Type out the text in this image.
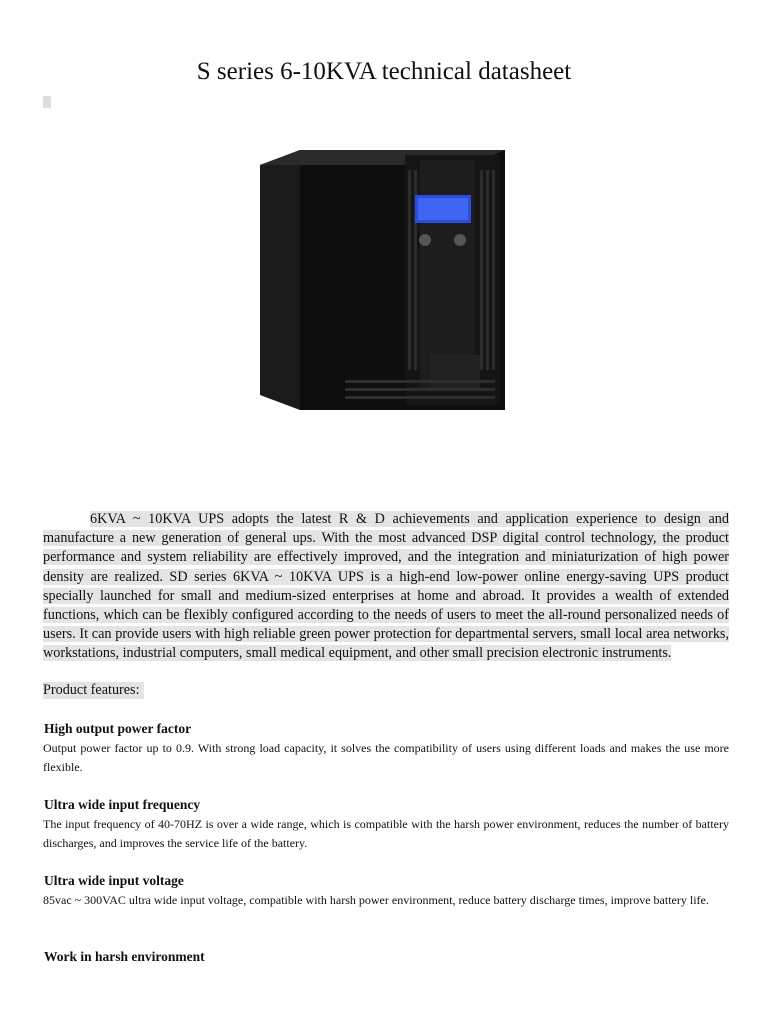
S series 6-10KVA technical datasheet
6KVA ~ 10KVA UPS adopts the latest R & D achievements and application experience to design and manufacture a new generation of general ups. With the most advanced DSP digital control technology, the product performance and system reliability are effectively improved, and the integration and miniaturization of high power density are realized. SD series 6KVA ~ 10KVA UPS is a high-end low-power online energy-saving UPS product specially launched for small and medium-sized enterprises at home and abroad. It provides a wealth of extended functions, which can be flexibly configured according to the needs of users to meet the all-round personalized needs of users. It can provide users with high reliable green power protection for departmental servers, small local area networks, workstations, industrial computers, small medical equipment, and other small precision electronic instruments.
Product features:
High output power factor

Output power factor up to 0.9. With strong load capacity, it solves the compatibility of users using different loads and makes the use more flexible.

Ultra wide input frequency

The input frequency of 40-70HZ is over a wide range, which is compatible with the harsh power environment, reduces the number of battery discharges, and improves the service life of the battery.

Ultra wide input voltage

85vac ~ 300VAC ultra wide input voltage, compatible with harsh power environment, reduce battery discharge times, improve battery life.

Work in harsh environment
